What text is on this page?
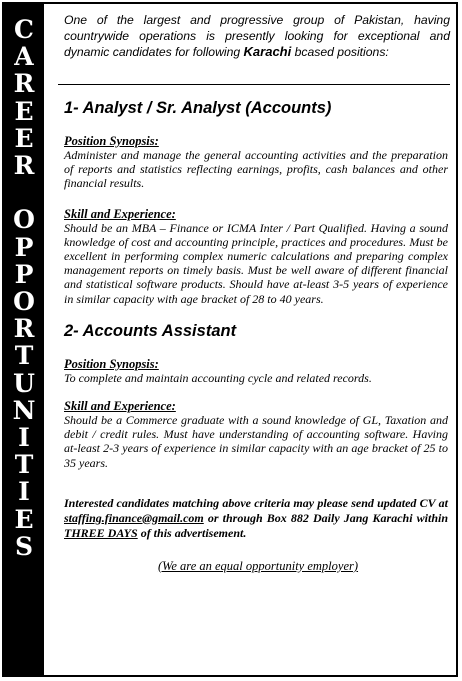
C
A
R
E
E
R
O
P
P
O
R
T
U
N
I
T
I
E
S
One of the largest and progressive group of Pakistan, having countrywide operations is presently looking for exceptional and dynamic candidates for following Karachi bcased positions:
1- Analyst / Sr. Analyst (Accounts)
Position Synopsis:
Administer and manage the general accounting activities and the preparation of reports and statistics reflecting earnings, profits, cash balances and other financial results.
Skill and Experience:
Should be an MBA – Finance or ICMA Inter / Part Qualified. Having a sound knowledge of cost and accounting principle, practices and procedures. Must be excellent in performing complex numeric calculations and preparing complex management reports on timely basis. Must be well aware of different financial and statistical software products. Should have at-least 3-5 years of experience in similar capacity with age bracket of 28 to 40 years.
2- Accounts Assistant
Position Synopsis:
To complete and maintain accounting cycle and related records.
Skill and Experience:
Should be a Commerce graduate with a sound knowledge of GL, Taxation and debit / credit rules. Must have understanding of accounting software. Having at-least 2-3 years of experience in similar capacity with an age bracket of 25 to 35 years.
Interested candidates matching above criteria may please send updated CV at staffing.finance@gmail.com or through Box 882 Daily Jang Karachi within THREE DAYS of this advertisement.
(We are an equal opportunity employer)
